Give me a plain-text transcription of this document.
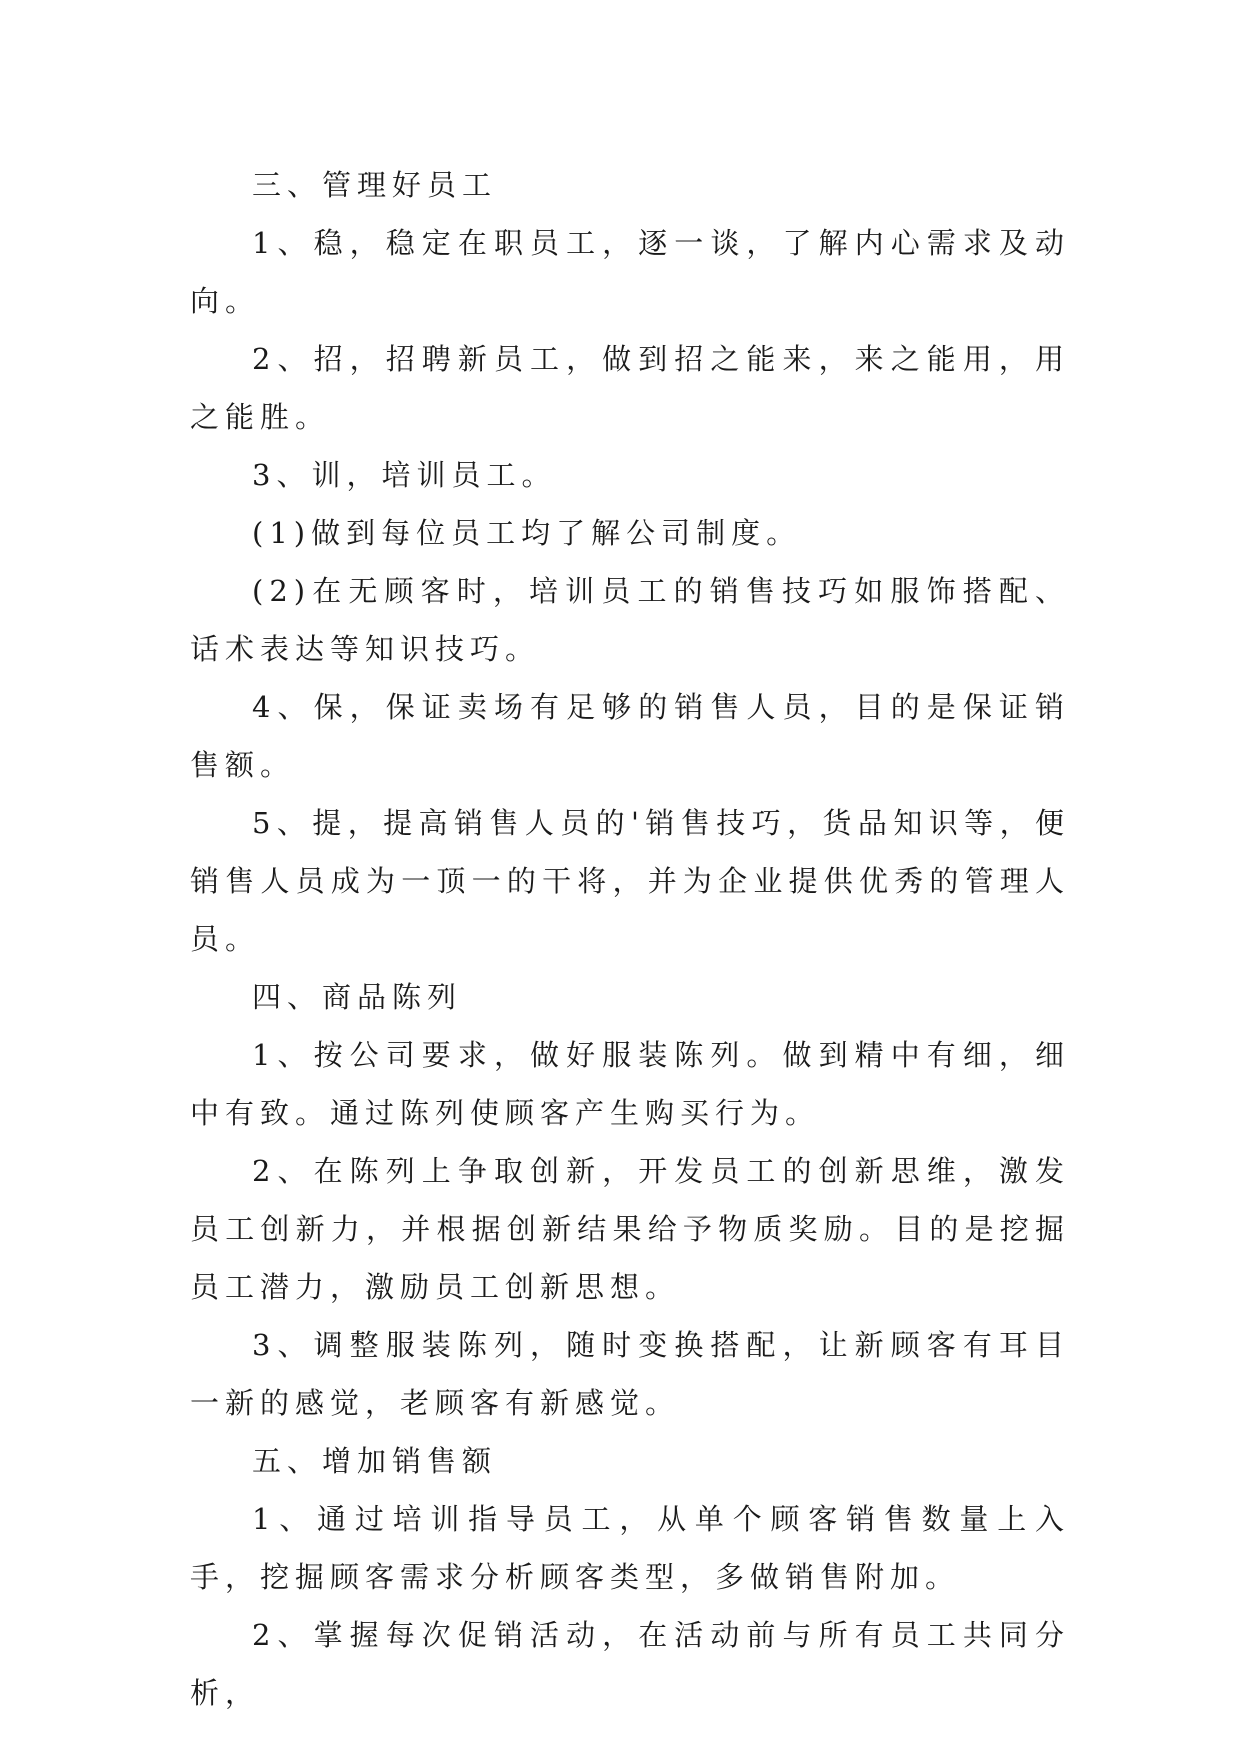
三、管理好员工

1、稳，稳定在职员工，逐一谈，了解内心需求及动向。

2、招，招聘新员工，做到招之能来，来之能用，用之能胜。

3、训，培训员工。

(1)做到每位员工均了解公司制度。

(2)在无顾客时，培训员工的销售技巧如服饰搭配、话术表达等知识技巧。

4、保，保证卖场有足够的销售人员，目的是保证销售额。

5、提，提高销售人员的'销售技巧，货品知识等，便销售人员成为一顶一的干将，并为企业提供优秀的管理人员。

四、商品陈列

1、按公司要求，做好服装陈列。做到精中有细，细中有致。通过陈列使顾客产生购买行为。

2、在陈列上争取创新，开发员工的创新思维，激发员工创新力，并根据创新结果给予物质奖励。目的是挖掘员工潜力，激励员工创新思想。

3、调整服装陈列，随时变换搭配，让新顾客有耳目一新的感觉，老顾客有新感觉。

五、增加销售额

1、通过培训指导员工，从单个顾客销售数量上入手，挖掘顾客需求分析顾客类型，多做销售附加。

2、掌握每次促销活动，在活动前与所有员工共同分析，
